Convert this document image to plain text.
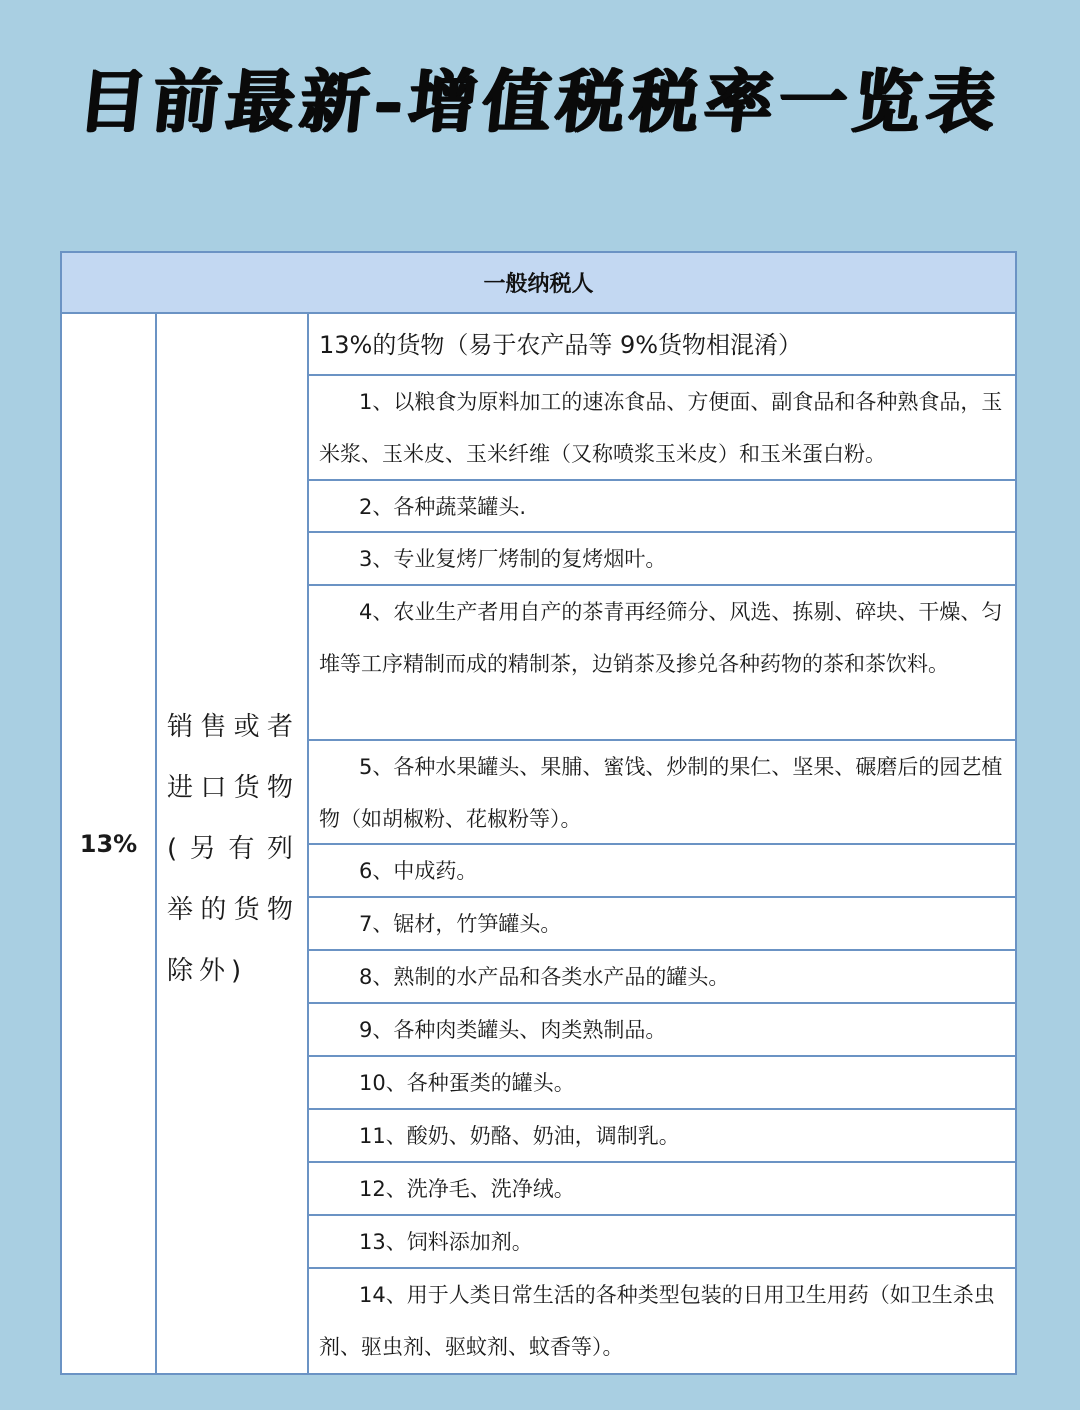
目前最新-增值税税率一览表
一般纳税人
13%
销售或者进口货物(另有列举的货物除外)
13%的货物（易于农产品等 9%货物相混淆）
1、以粮食为原料加工的速冻食品、方便面、副食品和各种熟食品，玉米浆、玉米皮、玉米纤维（又称喷浆玉米皮）和玉米蛋白粉。
2、各种蔬菜罐头.
3、专业复烤厂烤制的复烤烟叶。
4、农业生产者用自产的茶青再经筛分、风选、拣剔、碎块、干燥、匀堆等工序精制而成的精制茶，边销茶及掺兑各种药物的茶和茶饮料。
5、各种水果罐头、果脯、蜜饯、炒制的果仁、坚果、碾磨后的园艺植物（如胡椒粉、花椒粉等）。
6、中成药。
7、锯材，竹笋罐头。
8、熟制的水产品和各类水产品的罐头。
9、各种肉类罐头、肉类熟制品。
10、各种蛋类的罐头。
11、酸奶、奶酪、奶油，调制乳。
12、洗净毛、洗净绒。
13、饲料添加剂。
14、用于人类日常生活的各种类型包装的日用卫生用药（如卫生杀虫剂、驱虫剂、驱蚊剂、蚊香等）。
